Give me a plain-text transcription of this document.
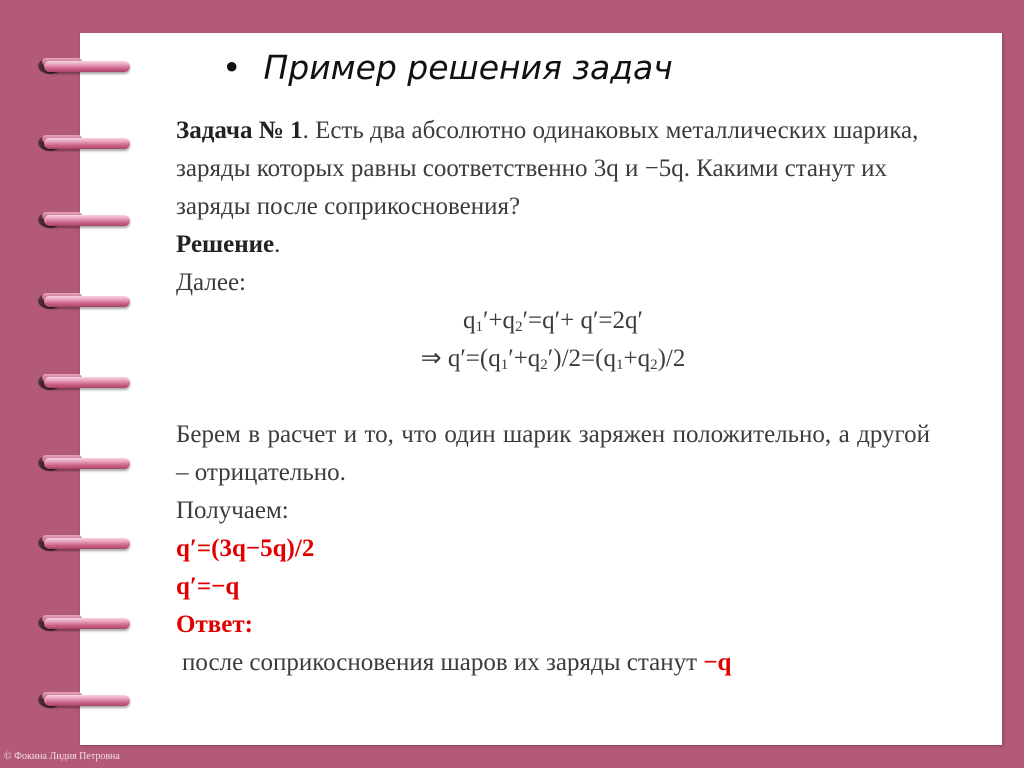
• Пример решения задач

Задача № 1. Есть два абсолютно одинаковых металлических шарика, заряды которых равны соответственно 3q и −5q. Какими станут их заряды после соприкосновения?

Решение.

Далее:

$q_1'+q_2'=q'+ q'=2q'$

⇒ $q'=(q_1'+q_2')/2=(q_1+q_2)/2$

Берем в расчет и то, что один шарик заряжен положительно, а другой – отрицательно.

Получаем:

q′=(3q−5q)/2

q′=−q

Ответ:

после соприкосновения шаров их заряды станут −q

© Фокина Лидия Петровна
